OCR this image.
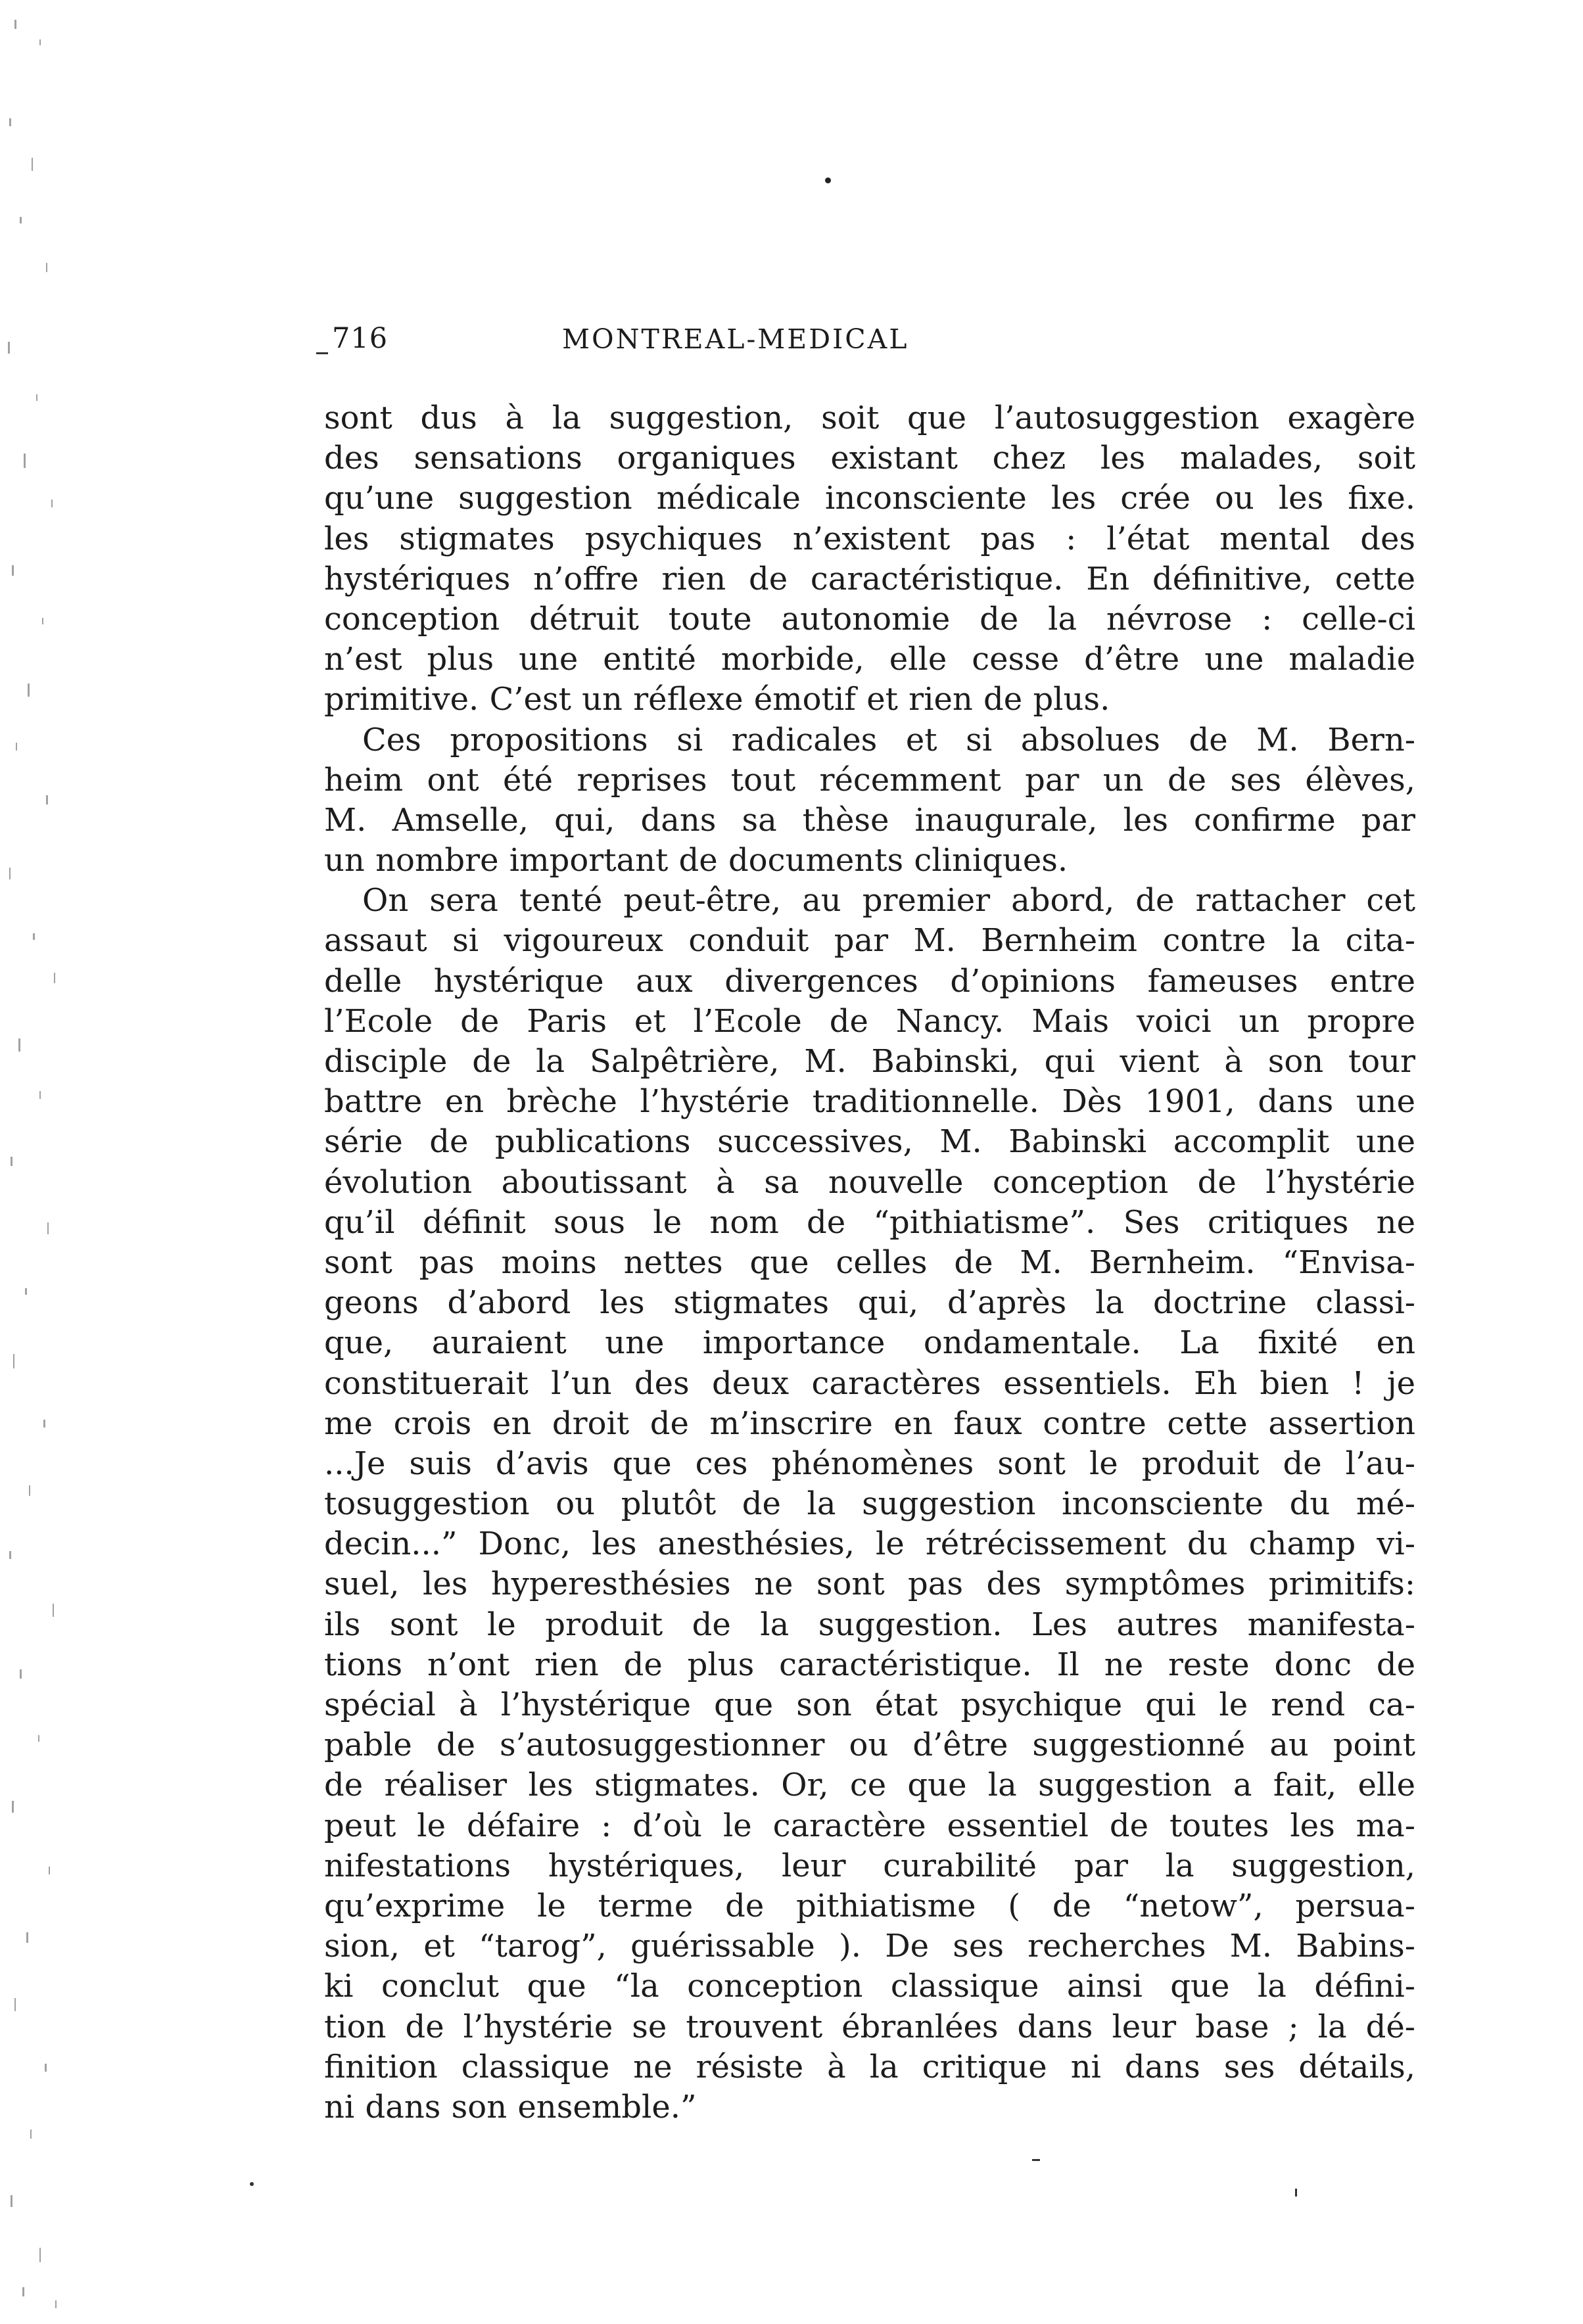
716	MONTREAL-MEDICAL
sont dus à la suggestion, soit que l’autosuggestion exagère
des sensations organiques existant chez les malades, soit
qu’une suggestion médicale inconsciente les crée ou les fixe.
les stigmates psychiques n’existent pas : l’état mental des
hystériques n’offre rien de caractéristique. En définitive, cette
conception détruit toute autonomie de la névrose : celle-ci
n’est plus une entité morbide, elle cesse d’être une maladie
primitive. C’est un réflexe émotif et rien de plus.
Ces propositions si radicales et si absolues de M. Bern-
heim ont été reprises tout récemment par un de ses élèves,
M. Amselle, qui, dans sa thèse inaugurale, les confirme par
un nombre important de documents cliniques.
On sera tenté peut-être, au premier abord, de rattacher cet
assaut si vigoureux conduit par M. Bernheim contre la cita-
delle hystérique aux divergences d’opinions fameuses entre
l’Ecole de Paris et l’Ecole de Nancy. Mais voici un propre
disciple de la Salpêtrière, M. Babinski, qui vient à son tour
battre en brèche l’hystérie traditionnelle. Dès 1901, dans une
série de publications successives, M. Babinski accomplit une
évolution aboutissant à sa nouvelle conception de l’hystérie
qu’il définit sous le nom de “pithiatisme”. Ses critiques ne
sont pas moins nettes que celles de M. Bernheim. “Envisa-
geons d’abord les stigmates qui, d’après la doctrine classi-
que, auraient une importance ondamentale. La fixité en
constituerait l’un des deux caractères essentiels. Eh bien ! je
me crois en droit de m’inscrire en faux contre cette assertion
...Je suis d’avis que ces phénomènes sont le produit de l’au-
tosuggestion ou plutôt de la suggestion inconsciente du mé-
decin...” Donc, les anesthésies, le rétrécissement du champ vi-
suel, les hyperesthésies ne sont pas des symptômes primitifs:
ils sont le produit de la suggestion. Les autres manifesta-
tions n’ont rien de plus caractéristique. Il ne reste donc de
spécial à l’hystérique que son état psychique qui le rend ca-
pable de s’autosuggestionner ou d’être suggestionné au point
de réaliser les stigmates. Or, ce que la suggestion a fait, elle
peut le défaire : d’où le caractère essentiel de toutes les ma-
nifestations hystériques, leur curabilité par la suggestion,
qu’exprime le terme de pithiatisme ( de “netow”, persua-
sion, et “tarog”, guérissable ). De ses recherches M. Babins-
ki conclut que “la conception classique ainsi que la défini-
tion de l’hystérie se trouvent ébranlées dans leur base ; la dé-
finition classique ne résiste à la critique ni dans ses détails,
ni dans son ensemble.”
